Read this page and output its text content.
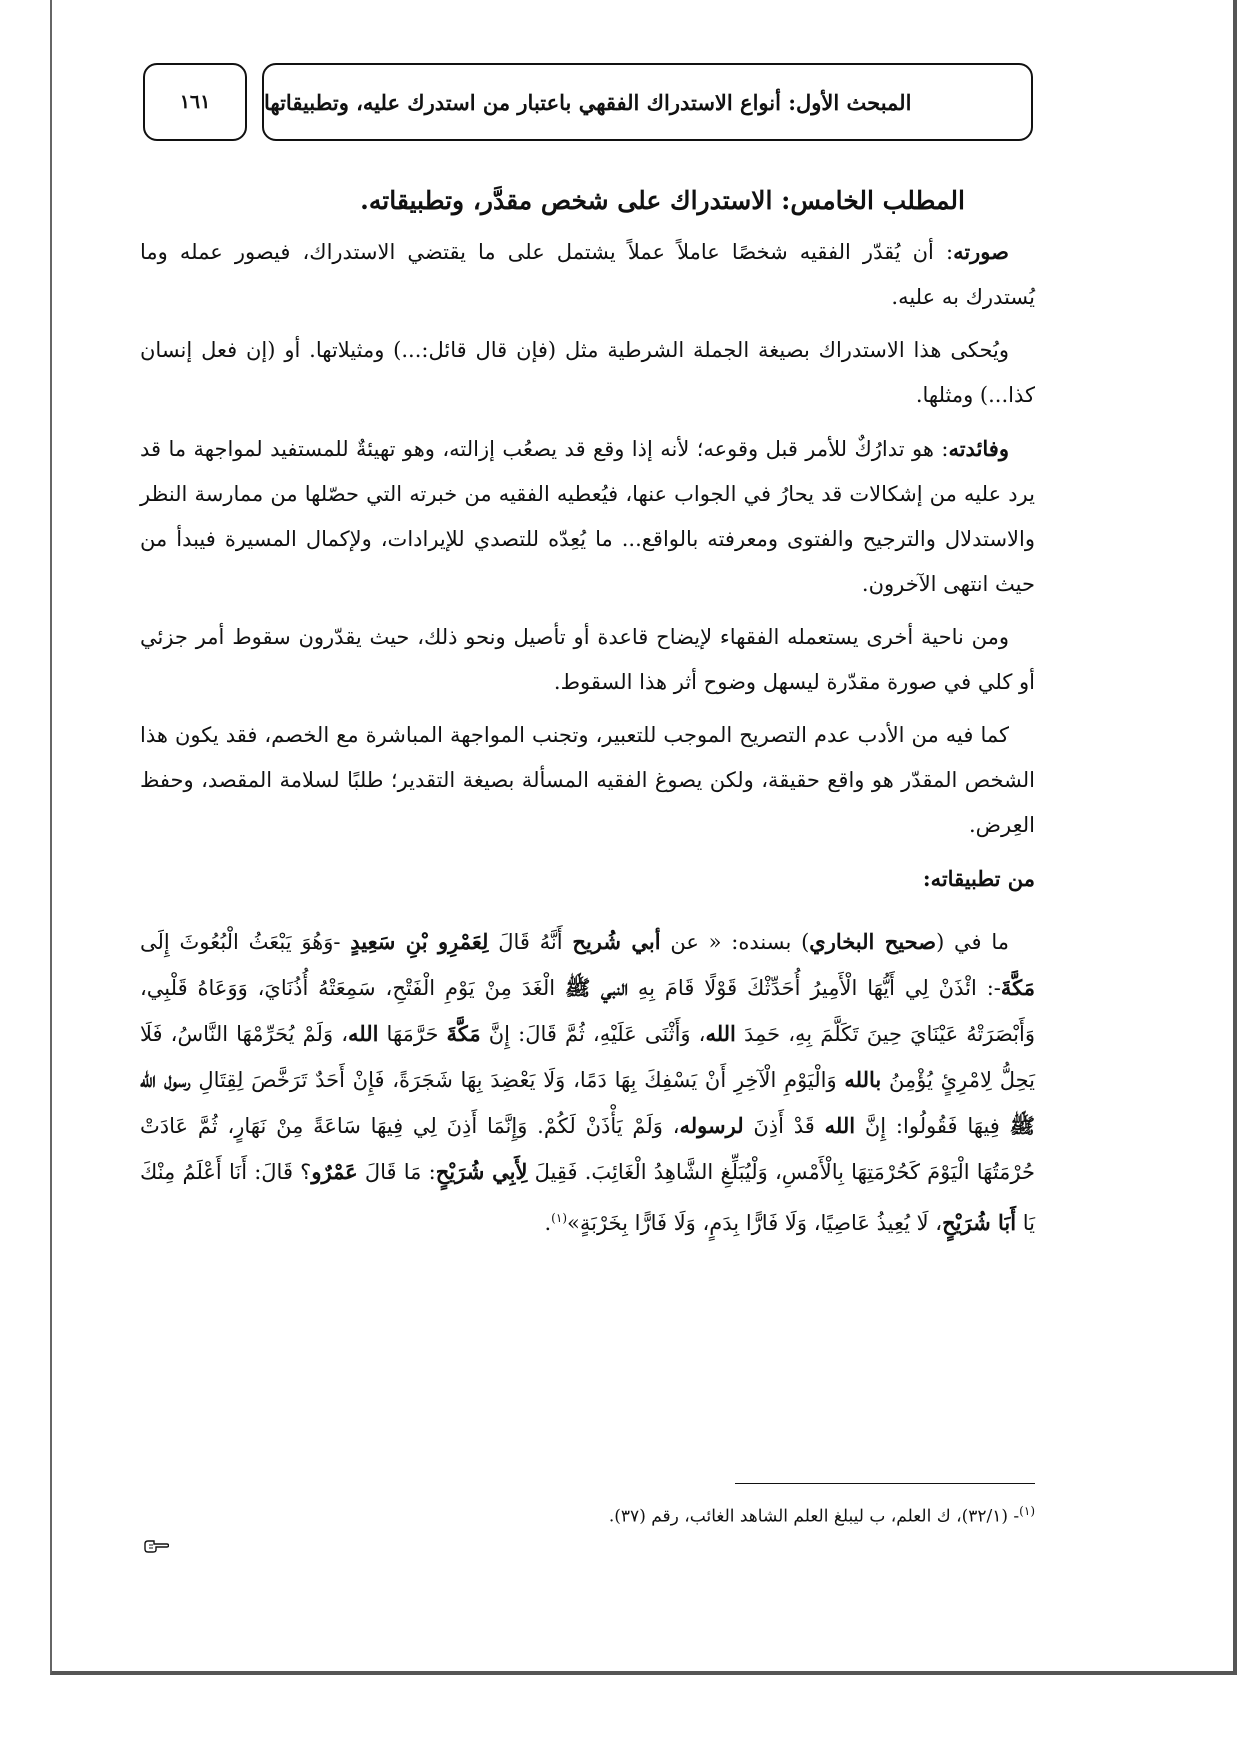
المبحث الأول: أنواع الاستدراك الفقهي باعتبار من استدرك عليه، وتطبيقاتها
١٦١
المطلب الخامس: الاستدراك على شخص مقدَّر، وتطبيقاته.

صورته: أن يُقدّر الفقيه شخصًا عاملاً عملاً يشتمل على ما يقتضي الاستدراك، فيصور عمله وما يُستدرك به عليه.

ويُحكى هذا الاستدراك بصيغة الجملة الشرطية مثل (فإن قال قائل:...) ومثيلاتها. أو (إن فعل إنسان كذا...) ومثلها.

وفائدته: هو تدارُكٌ للأمر قبل وقوعه؛ لأنه إذا وقع قد يصعُب إزالته، وهو تهيئةٌ للمستفيد لمواجهة ما قد يرد عليه من إشكالات قد يحارُ في الجواب عنها، فيُعطيه الفقيه من خبرته التي حصّلها من ممارسة النظر والاستدلال والترجيح والفتوى ومعرفته بالواقع... ما يُعِدّه للتصدي للإيرادات، ولإكمال المسيرة فيبدأ من حيث انتهى الآخرون.

ومن ناحية أخرى يستعمله الفقهاء لإيضاح قاعدة أو تأصيل ونحو ذلك، حيث يقدّرون سقوط أمر جزئي أو كلي في صورة مقدّرة ليسهل وضوح أثر هذا السقوط.

كما فيه من الأدب عدم التصريح الموجب للتعبير، وتجنب المواجهة المباشرة مع الخصم، فقد يكون هذا الشخص المقدّر هو واقع حقيقة، ولكن يصوغ الفقيه المسألة بصيغة التقدير؛ طلبًا لسلامة المقصد، وحفظ العِرض.

من تطبيقاته:

ما في (صحيح البخاري) بسنده: « عن أبي شُريح أَنَّهُ قَالَ لِعَمْرِو بْنِ سَعِيدٍ -وَهُوَ يَبْعَثُ الْبُعُوثَ إِلَى مَكَّةَ-: ائْذَنْ لِي أَيُّهَا الْأَمِيرُ أُحَدِّثْكَ قَوْلًا قَامَ بِهِ النبي ﷺ الْغَدَ مِنْ يَوْمِ الْفَتْحِ، سَمِعَتْهُ أُذُنَايَ، وَوَعَاهُ قَلْبِي، وَأَبْصَرَتْهُ عَيْنَايَ حِينَ تَكَلَّمَ بِهِ، حَمِدَ الله، وَأَثْنَى عَلَيْهِ، ثُمَّ قَالَ: إِنَّ مَكَّةَ حَرَّمَهَا الله، وَلَمْ يُحَرِّمْهَا النَّاسُ، فَلَا يَحِلُّ لِامْرِئٍ يُؤْمِنُ بالله وَالْيَوْمِ الْآخِرِ أَنْ يَسْفِكَ بِهَا دَمًا، وَلَا يَعْضِدَ بِهَا شَجَرَةً، فَإِنْ أَحَدٌ تَرَخَّصَ لِقِتَالِ رسول الله ﷺ فِيهَا فَقُولُوا: إِنَّ الله قَدْ أَذِنَ لرسوله، وَلَمْ يَأْذَنْ لَكُمْ. وَإِنَّمَا أَذِنَ لِي فِيهَا سَاعَةً مِنْ نَهَارٍ، ثُمَّ عَادَتْ حُرْمَتُهَا الْيَوْمَ كَحُرْمَتِهَا بِالْأَمْسِ، وَلْيُبَلِّغِ الشَّاهِدُ الْغَائِبَ. فَقِيلَ لِأَبِي شُرَيْحٍ: مَا قَالَ عَمْرٌو؟ قَالَ: أَنَا أَعْلَمُ مِنْكَ يَا أَبَا شُرَيْحٍ، لَا يُعِيذُ عَاصِيًا، وَلَا فَارًّا بِدَمٍ، وَلَا فَارًّا بِخَرْبَةٍ»$^{(١)}$.

$^{(١)}$- (٣٢/١)، ك العلم، ب ليبلغ العلم الشاهد الغائب، رقم (٣٧).
